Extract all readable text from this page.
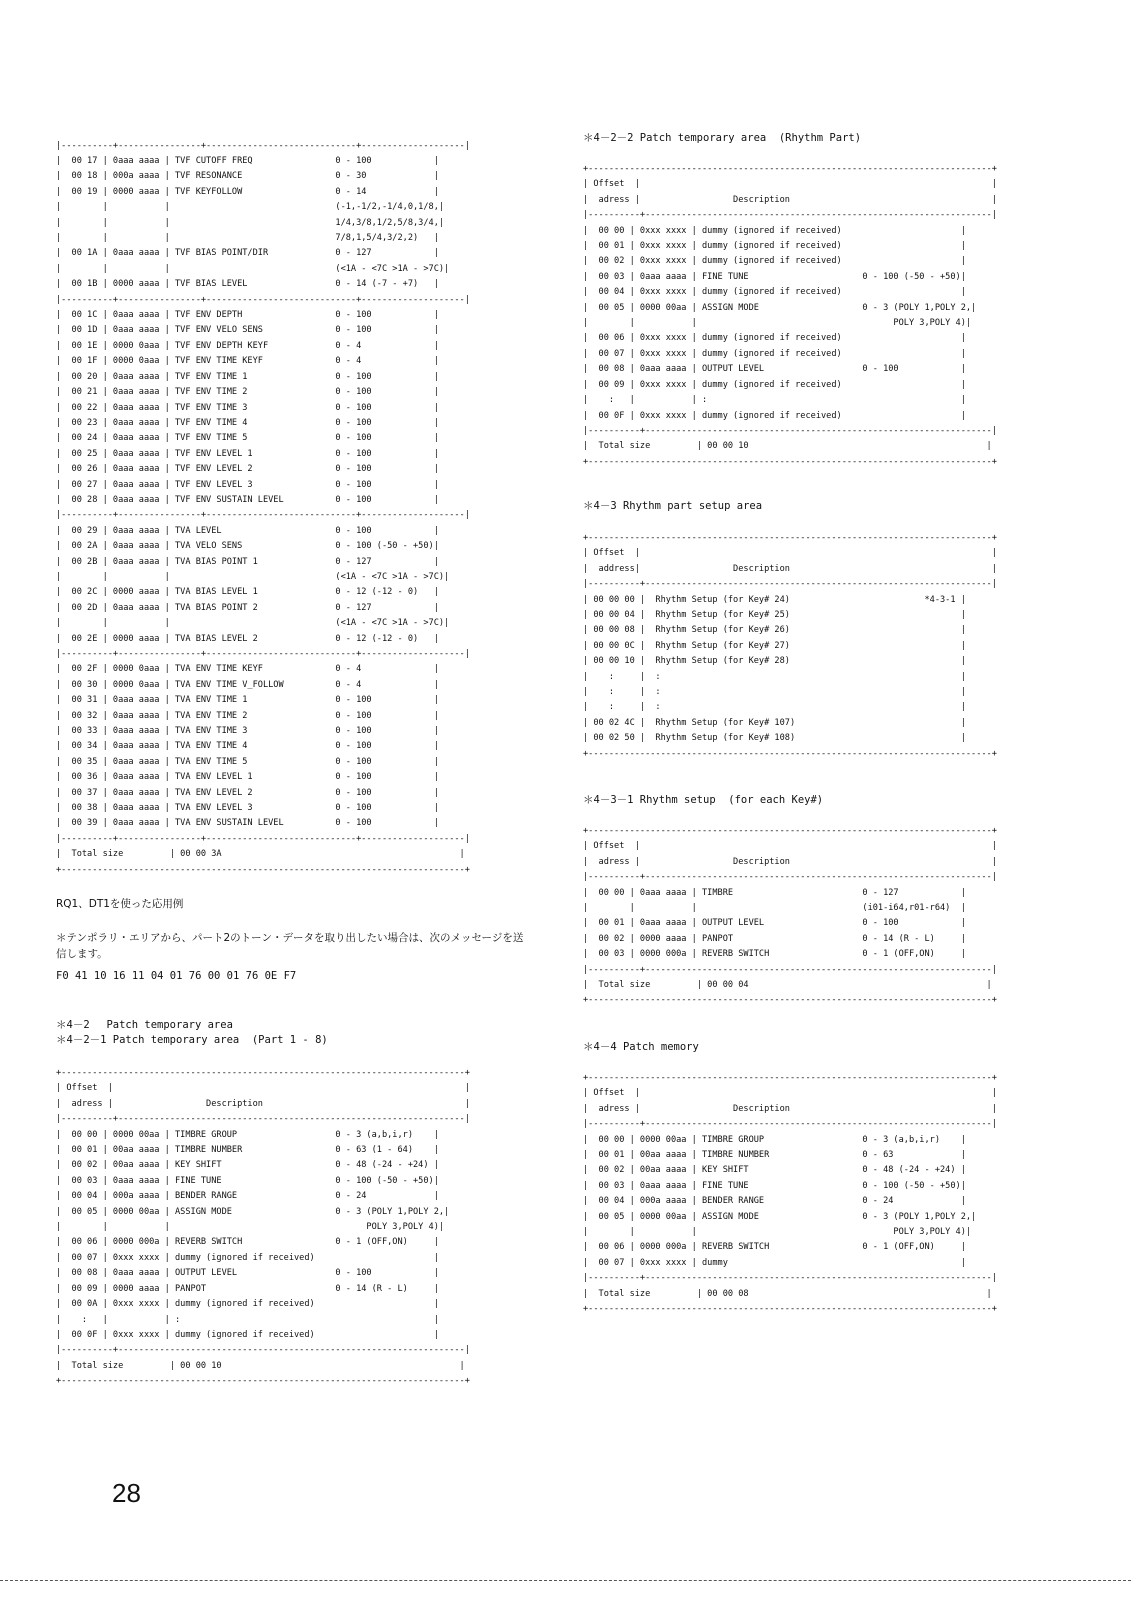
|----------+----------------+-----------------------------+--------------------|
|  00 17 | 0aaa aaaa | TVF CUTOFF FREQ                0 - 100            |
|  00 18 | 000a aaaa | TVF RESONANCE                  0 - 30             |
|  00 19 | 0000 aaaa | TVF KEYFOLLOW                  0 - 14             |
|        |           |                                (-1,-1/2,-1/4,0,1/8,|
|        |           |                                1/4,3/8,1/2,5/8,3/4,|
|        |           |                                7/8,1,5/4,3/2,2)   |
|  00 1A | 0aaa aaaa | TVF BIAS POINT/DIR             0 - 127            |
|        |           |                                (<1A - <7C >1A - >7C)|
|  00 1B | 0000 aaaa | TVF BIAS LEVEL                 0 - 14 (-7 - +7)   |
|----------+----------------+-----------------------------+--------------------|
|  00 1C | 0aaa aaaa | TVF ENV DEPTH                  0 - 100            |
|  00 1D | 0aaa aaaa | TVF ENV VELO SENS              0 - 100            |
|  00 1E | 0000 0aaa | TVF ENV DEPTH KEYF             0 - 4              |
|  00 1F | 0000 0aaa | TVF ENV TIME KEYF              0 - 4              |
|  00 20 | 0aaa aaaa | TVF ENV TIME 1                 0 - 100            |
|  00 21 | 0aaa aaaa | TVF ENV TIME 2                 0 - 100            |
|  00 22 | 0aaa aaaa | TVF ENV TIME 3                 0 - 100            |
|  00 23 | 0aaa aaaa | TVF ENV TIME 4                 0 - 100            |
|  00 24 | 0aaa aaaa | TVF ENV TIME 5                 0 - 100            |
|  00 25 | 0aaa aaaa | TVF ENV LEVEL 1                0 - 100            |
|  00 26 | 0aaa aaaa | TVF ENV LEVEL 2                0 - 100            |
|  00 27 | 0aaa aaaa | TVF ENV LEVEL 3                0 - 100            |
|  00 28 | 0aaa aaaa | TVF ENV SUSTAIN LEVEL          0 - 100            |
|----------+----------------+-----------------------------+--------------------|
|  00 29 | 0aaa aaaa | TVA LEVEL                      0 - 100            |
|  00 2A | 0aaa aaaa | TVA VELO SENS                  0 - 100 (-50 - +50)|
|  00 2B | 0aaa aaaa | TVA BIAS POINT 1               0 - 127            |
|        |           |                                (<1A - <7C >1A - >7C)|
|  00 2C | 0000 aaaa | TVA BIAS LEVEL 1               0 - 12 (-12 - 0)   |
|  00 2D | 0aaa aaaa | TVA BIAS POINT 2               0 - 127            |
|        |           |                                (<1A - <7C >1A - >7C)|
|  00 2E | 0000 aaaa | TVA BIAS LEVEL 2               0 - 12 (-12 - 0)   |
|----------+----------------+-----------------------------+--------------------|
|  00 2F | 0000 0aaa | TVA ENV TIME KEYF              0 - 4              |
|  00 30 | 0000 0aaa | TVA ENV TIME V_FOLLOW          0 - 4              |
|  00 31 | 0aaa aaaa | TVA ENV TIME 1                 0 - 100            |
|  00 32 | 0aaa aaaa | TVA ENV TIME 2                 0 - 100            |
|  00 33 | 0aaa aaaa | TVA ENV TIME 3                 0 - 100            |
|  00 34 | 0aaa aaaa | TVA ENV TIME 4                 0 - 100            |
|  00 35 | 0aaa aaaa | TVA ENV TIME 5                 0 - 100            |
|  00 36 | 0aaa aaaa | TVA ENV LEVEL 1                0 - 100            |
|  00 37 | 0aaa aaaa | TVA ENV LEVEL 2                0 - 100            |
|  00 38 | 0aaa aaaa | TVA ENV LEVEL 3                0 - 100            |
|  00 39 | 0aaa aaaa | TVA ENV SUSTAIN LEVEL          0 - 100            |
|----------+----------------+-----------------------------+--------------------|
|  Total size         | 00 00 3A                                              |
+------------------------------------------------------------------------------+
RQ1、DT1を使った応用例
＊テンポラリ・エリアから、パート2のトーン・データを取り出したい場合は、次のメッセージを送信します。
F0 41 10 16 11 04 01 76 00 01 76 0E F7
＊4－2　 Patch temporary area
＊4－2－1 Patch temporary area  (Part 1 - 8)
+------------------------------------------------------------------------------+
| Offset  |                                                                    |
|  adress |                  Description                                       |
|----------+-------------------------------------------------------------------|
|  00 00 | 0000 00aa | TIMBRE GROUP                   0 - 3 (a,b,i,r)    |
|  00 01 | 00aa aaaa | TIMBRE NUMBER                  0 - 63 (1 - 64)    |
|  00 02 | 00aa aaaa | KEY SHIFT                      0 - 48 (-24 - +24) |
|  00 03 | 0aaa aaaa | FINE TUNE                      0 - 100 (-50 - +50)|
|  00 04 | 000a aaaa | BENDER RANGE                   0 - 24             |
|  00 05 | 0000 00aa | ASSIGN MODE                    0 - 3 (POLY 1,POLY 2,|
|        |           |                                      POLY 3,POLY 4)|
|  00 06 | 0000 000a | REVERB SWITCH                  0 - 1 (OFF,ON)     |
|  00 07 | 0xxx xxxx | dummy (ignored if received)                       |
|  00 08 | 0aaa aaaa | OUTPUT LEVEL                   0 - 100            |
|  00 09 | 0000 aaaa | PANPOT                         0 - 14 (R - L)     |
|  00 0A | 0xxx xxxx | dummy (ignored if received)                       |
|    :   |           | :                                                 |
|  00 0F | 0xxx xxxx | dummy (ignored if received)                       |
|----------+-------------------------------------------------------------------|
|  Total size         | 00 00 10                                              |
+------------------------------------------------------------------------------+
＊4－2－2 Patch temporary area  (Rhythm Part)
+------------------------------------------------------------------------------+
| Offset  |                                                                    |
|  adress |                  Description                                       |
|----------+-------------------------------------------------------------------|
|  00 00 | 0xxx xxxx | dummy (ignored if received)                       |
|  00 01 | 0xxx xxxx | dummy (ignored if received)                       |
|  00 02 | 0xxx xxxx | dummy (ignored if received)                       |
|  00 03 | 0aaa aaaa | FINE TUNE                      0 - 100 (-50 - +50)|
|  00 04 | 0xxx xxxx | dummy (ignored if received)                       |
|  00 05 | 0000 00aa | ASSIGN MODE                    0 - 3 (POLY 1,POLY 2,|
|        |           |                                      POLY 3,POLY 4)|
|  00 06 | 0xxx xxxx | dummy (ignored if received)                       |
|  00 07 | 0xxx xxxx | dummy (ignored if received)                       |
|  00 08 | 0aaa aaaa | OUTPUT LEVEL                   0 - 100            |
|  00 09 | 0xxx xxxx | dummy (ignored if received)                       |
|    :   |           | :                                                 |
|  00 0F | 0xxx xxxx | dummy (ignored if received)                       |
|----------+-------------------------------------------------------------------|
|  Total size         | 00 00 10                                              |
+------------------------------------------------------------------------------+
＊4－3 Rhythm part setup area
+------------------------------------------------------------------------------+
| Offset  |                                                                    |
|  address|                  Description                                       |
|----------+-------------------------------------------------------------------|
| 00 00 00 |  Rhythm Setup (for Key# 24)                          *4-3-1 |
| 00 00 04 |  Rhythm Setup (for Key# 25)                                 |
| 00 00 08 |  Rhythm Setup (for Key# 26)                                 |
| 00 00 0C |  Rhythm Setup (for Key# 27)                                 |
| 00 00 10 |  Rhythm Setup (for Key# 28)                                 |
|    :     |  :                                                          |
|    :     |  :                                                          |
|    :     |  :                                                          |
| 00 02 4C |  Rhythm Setup (for Key# 107)                                |
| 00 02 50 |  Rhythm Setup (for Key# 108)                                |
+------------------------------------------------------------------------------+
＊4－3－1 Rhythm setup  (for each Key#)
+------------------------------------------------------------------------------+
| Offset  |                                                                    |
|  adress |                  Description                                       |
|----------+-------------------------------------------------------------------|
|  00 00 | 0aaa aaaa | TIMBRE                         0 - 127            |
|        |           |                                (i01-i64,r01-r64)  |
|  00 01 | 0aaa aaaa | OUTPUT LEVEL                   0 - 100            |
|  00 02 | 0000 aaaa | PANPOT                         0 - 14 (R - L)     |
|  00 03 | 0000 000a | REVERB SWITCH                  0 - 1 (OFF,ON)     |
|----------+-------------------------------------------------------------------|
|  Total size         | 00 00 04                                              |
+------------------------------------------------------------------------------+
＊4－4 Patch memory
+------------------------------------------------------------------------------+
| Offset  |                                                                    |
|  adress |                  Description                                       |
|----------+-------------------------------------------------------------------|
|  00 00 | 0000 00aa | TIMBRE GROUP                   0 - 3 (a,b,i,r)    |
|  00 01 | 00aa aaaa | TIMBRE NUMBER                  0 - 63             |
|  00 02 | 00aa aaaa | KEY SHIFT                      0 - 48 (-24 - +24) |
|  00 03 | 0aaa aaaa | FINE TUNE                      0 - 100 (-50 - +50)|
|  00 04 | 000a aaaa | BENDER RANGE                   0 - 24             |
|  00 05 | 0000 00aa | ASSIGN MODE                    0 - 3 (POLY 1,POLY 2,|
|        |           |                                      POLY 3,POLY 4)|
|  00 06 | 0000 000a | REVERB SWITCH                  0 - 1 (OFF,ON)     |
|  00 07 | 0xxx xxxx | dummy                                             |
|----------+-------------------------------------------------------------------|
|  Total size         | 00 00 08                                              |
+------------------------------------------------------------------------------+
28
